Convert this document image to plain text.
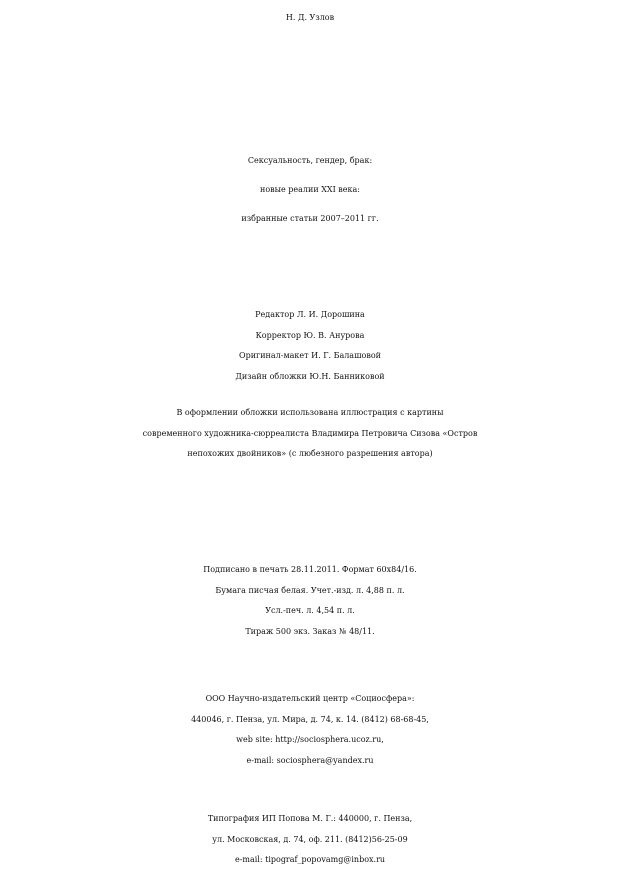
Н. Д. Узлов
Сексуальность, гендер, брак:
новые реалии XXI века:
избранные статьи 2007–2011 гг.
Редактор Л. И. Дорошина
Корректор Ю. В. Анурова
Оригинал-макет И. Г. Балашовой
Дизайн обложки Ю.Н. Банниковой
В оформлении обложки использована иллюстрация с картины
современного художника-сюрреалиста Владимира Петровича Сизова «Остров
непохожих двойников» (с любезного разрешения автора)
Подписано в печать 28.11.2011. Формат 60х84/16.
Бумага писчая белая. Учет.-изд. л. 4,88 п. л.
Усл.-печ. л. 4,54 п. л.
Тираж 500 экз. Заказ № 48/11.
ООО Научно-издательский центр «Социосфера»:
440046, г. Пенза, ул. Мира, д. 74, к. 14. (8412) 68-68-45,
web site: http://sociosphera.ucoz.ru,
e-mail: sociosphera@yandex.ru
Типография ИП Попова М. Г.: 440000, г. Пенза,
ул. Московская, д. 74, оф. 211. (8412)56-25-09
e-mail: tipograf_popovamg@inbox.ru
